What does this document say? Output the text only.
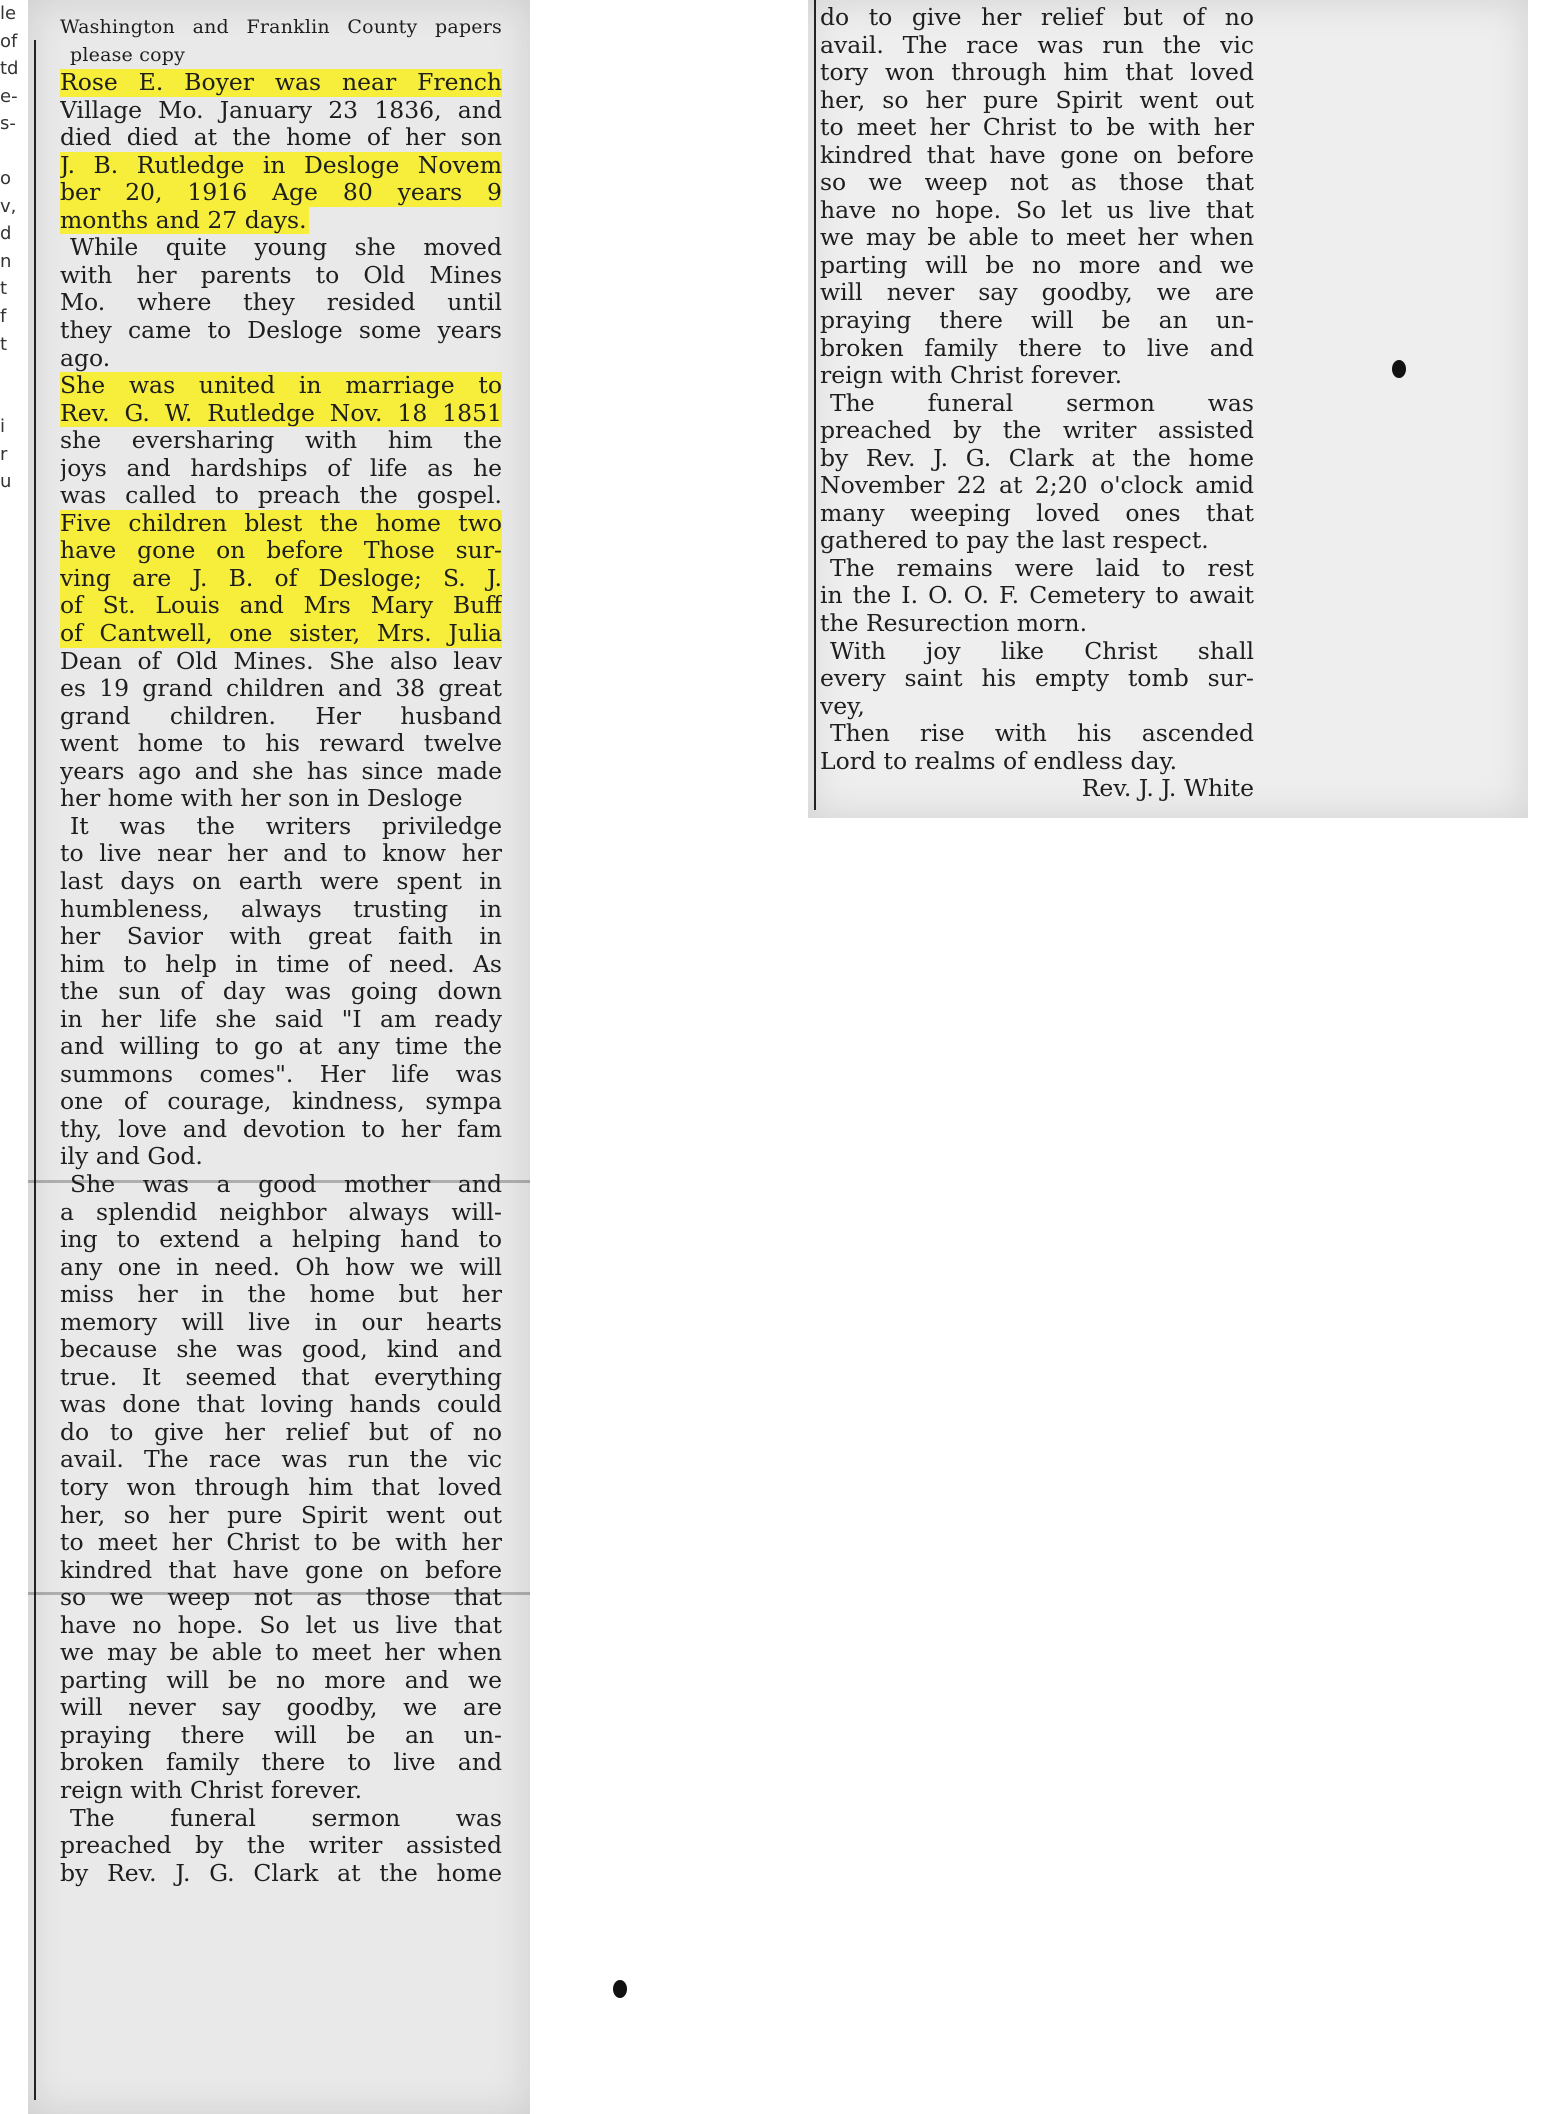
le
of
td
e-
s-
o
v,
d
n
t
f
t
i
r
u
Washington and Franklin County papers
please copy
Rose E. Boyer was near French
Village Mo. January 23 1836, and
died died at the home of her son
J. B. Rutledge in Desloge Novem
ber 20, 1916 Age 80 years 9
months and 27 days.
While quite young she moved
with her parents to Old Mines
Mo. where they resided until
they came to Desloge some years
ago.
She was united in marriage to
Rev. G. W. Rutledge Nov. 18 1851
she eversharing with him the
joys and hardships of life as he
was called to preach the gospel.
Five children blest the home two
have gone on before Those sur-
ving are J. B. of Desloge; S. J.
of St. Louis and Mrs Mary Buff
of Cantwell, one sister, Mrs. Julia
Dean of Old Mines. She also leav
es 19 grand children and 38 great
grand children. Her husband
went home to his reward twelve
years ago and she has since made
her home with her son in Desloge
It was the writers priviledge
to live near her and to know her
last days on earth were spent in
humbleness, always trusting in
her Savior with great faith in
him to help in time of need. As
the sun of day was going down
in her life she said "I am ready
and willing to go at any time the
summons comes". Her life was
one of courage, kindness, sympa
thy, love and devotion to her fam
ily and God.
She was a good mother and
a splendid neighbor always will-
ing to extend a helping hand to
any one in need. Oh how we will
miss her in the home but her
memory will live in our hearts
because she was good, kind and
true. It seemed that everything
was done that loving hands could
do to give her relief but of no
avail. The race was run the vic
tory won through him that loved
her, so her pure Spirit went out
to meet her Christ to be with her
kindred that have gone on before
so we weep not as those that
have no hope. So let us live that
we may be able to meet her when
parting will be no more and we
will never say goodby, we are
praying there will be an un-
broken family there to live and
reign with Christ forever.
The funeral sermon was
preached by the writer assisted
by Rev. J. G. Clark at the home
do to give her relief but of no
avail. The race was run the vic
tory won through him that loved
her, so her pure Spirit went out
to meet her Christ to be with her
kindred that have gone on before
so we weep not as those that
have no hope. So let us live that
we may be able to meet her when
parting will be no more and we
will never say goodby, we are
praying there will be an un-
broken family there to live and
reign with Christ forever.
The funeral sermon was
preached by the writer assisted
by Rev. J. G. Clark at the home
November 22 at 2;20 o'clock amid
many weeping loved ones that
gathered to pay the last respect.
The remains were laid to rest
in the I. O. O. F. Cemetery to await
the Resurection morn.
With joy like Christ shall
every saint his empty tomb sur-
vey,
Then rise with his ascended
Lord to realms of endless day.
Rev. J. J. White
